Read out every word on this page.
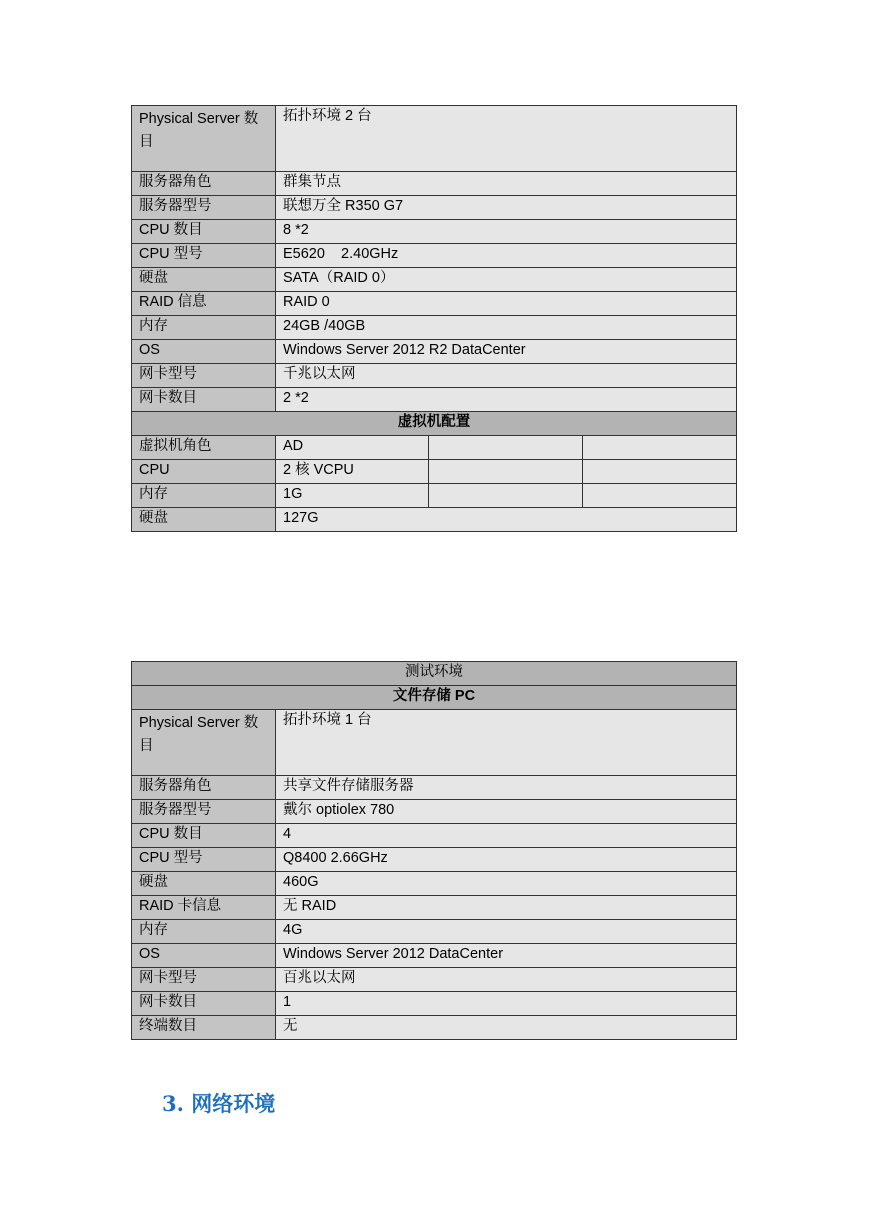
Physical Server 数目	拓扑环境 2 台		
服务器角色	群集节点		
服务器型号	联想万全 R350 G7		
CPU 数目	8 *2		
CPU 型号	E5620    2.40GHz		
硬盘	SATA（RAID 0）		
RAID 信息	RAID 0		
内存	24GB /40GB		
OS	Windows Server 2012 R2 DataCenter		
网卡型号	千兆以太网		
网卡数目	2 *2		
虚拟机配置			
虚拟机角色	AD		
CPU	2 核 VCPU		
内存	1G		
硬盘	127G		
测试环境	
文件存储 PC	
Physical Server 数目	拓扑环境 1 台
服务器角色	共享文件存储服务器
服务器型号	戴尔 optiolex 780
CPU 数目	4
CPU 型号	Q8400 2.66GHz
硬盘	460G
RAID 卡信息	无 RAID
内存	4G
OS	Windows Server 2012 DataCenter
网卡型号	百兆以太网
网卡数目	1
终端数目	无
3. 网络环境
